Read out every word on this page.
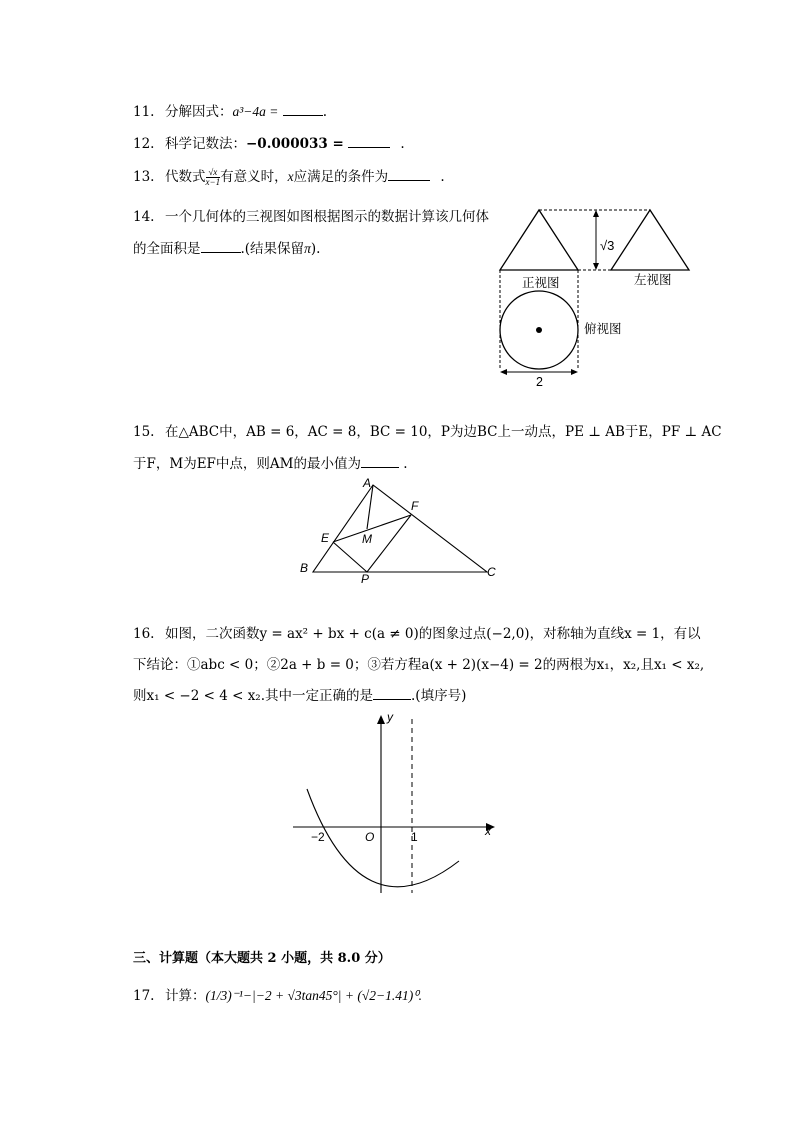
11. 分解因式：a³−4a =	.
12. 科学记数法：−0.000033 =	.
13. 代数式 $\frac{√x}{x-1}$ 有意义时，x应满足的条件为	.
14. 一个几何体的三视图如图根据图示的数据计算该几何体
的全面积是	.(结果保留π).	√3
正视图	左视图
俯视图
2
15. 在△ABC中，AB = 6，AC = 8，BC = 10，P为边BC上一动点，PE ⊥ AB于E，PF ⊥ AC
于F，M为EF中点，则AM的最小值为	.
A
B	C
E
F
M
P
16. 如图，二次函数y = ax² + bx + c(a ≠ 0)的图象过点(−2,0)，对称轴为直线x = 1，有以
下结论：①abc < 0；②2a + b = 0；③若方程a(x + 2)(x−4) = 2的两根为x₁，x₂,且x₁ < x₂,
则x₁ < −2 < 4 < x₂.其中一定正确的是	.(填序号)
x
y
O
−2	1
三、计算题（本大题共 2 小题，共 8.0 分）
17. 计算：(1/3)⁻¹−|−2 + √3tan45°| + (√2−1.41)⁰.
